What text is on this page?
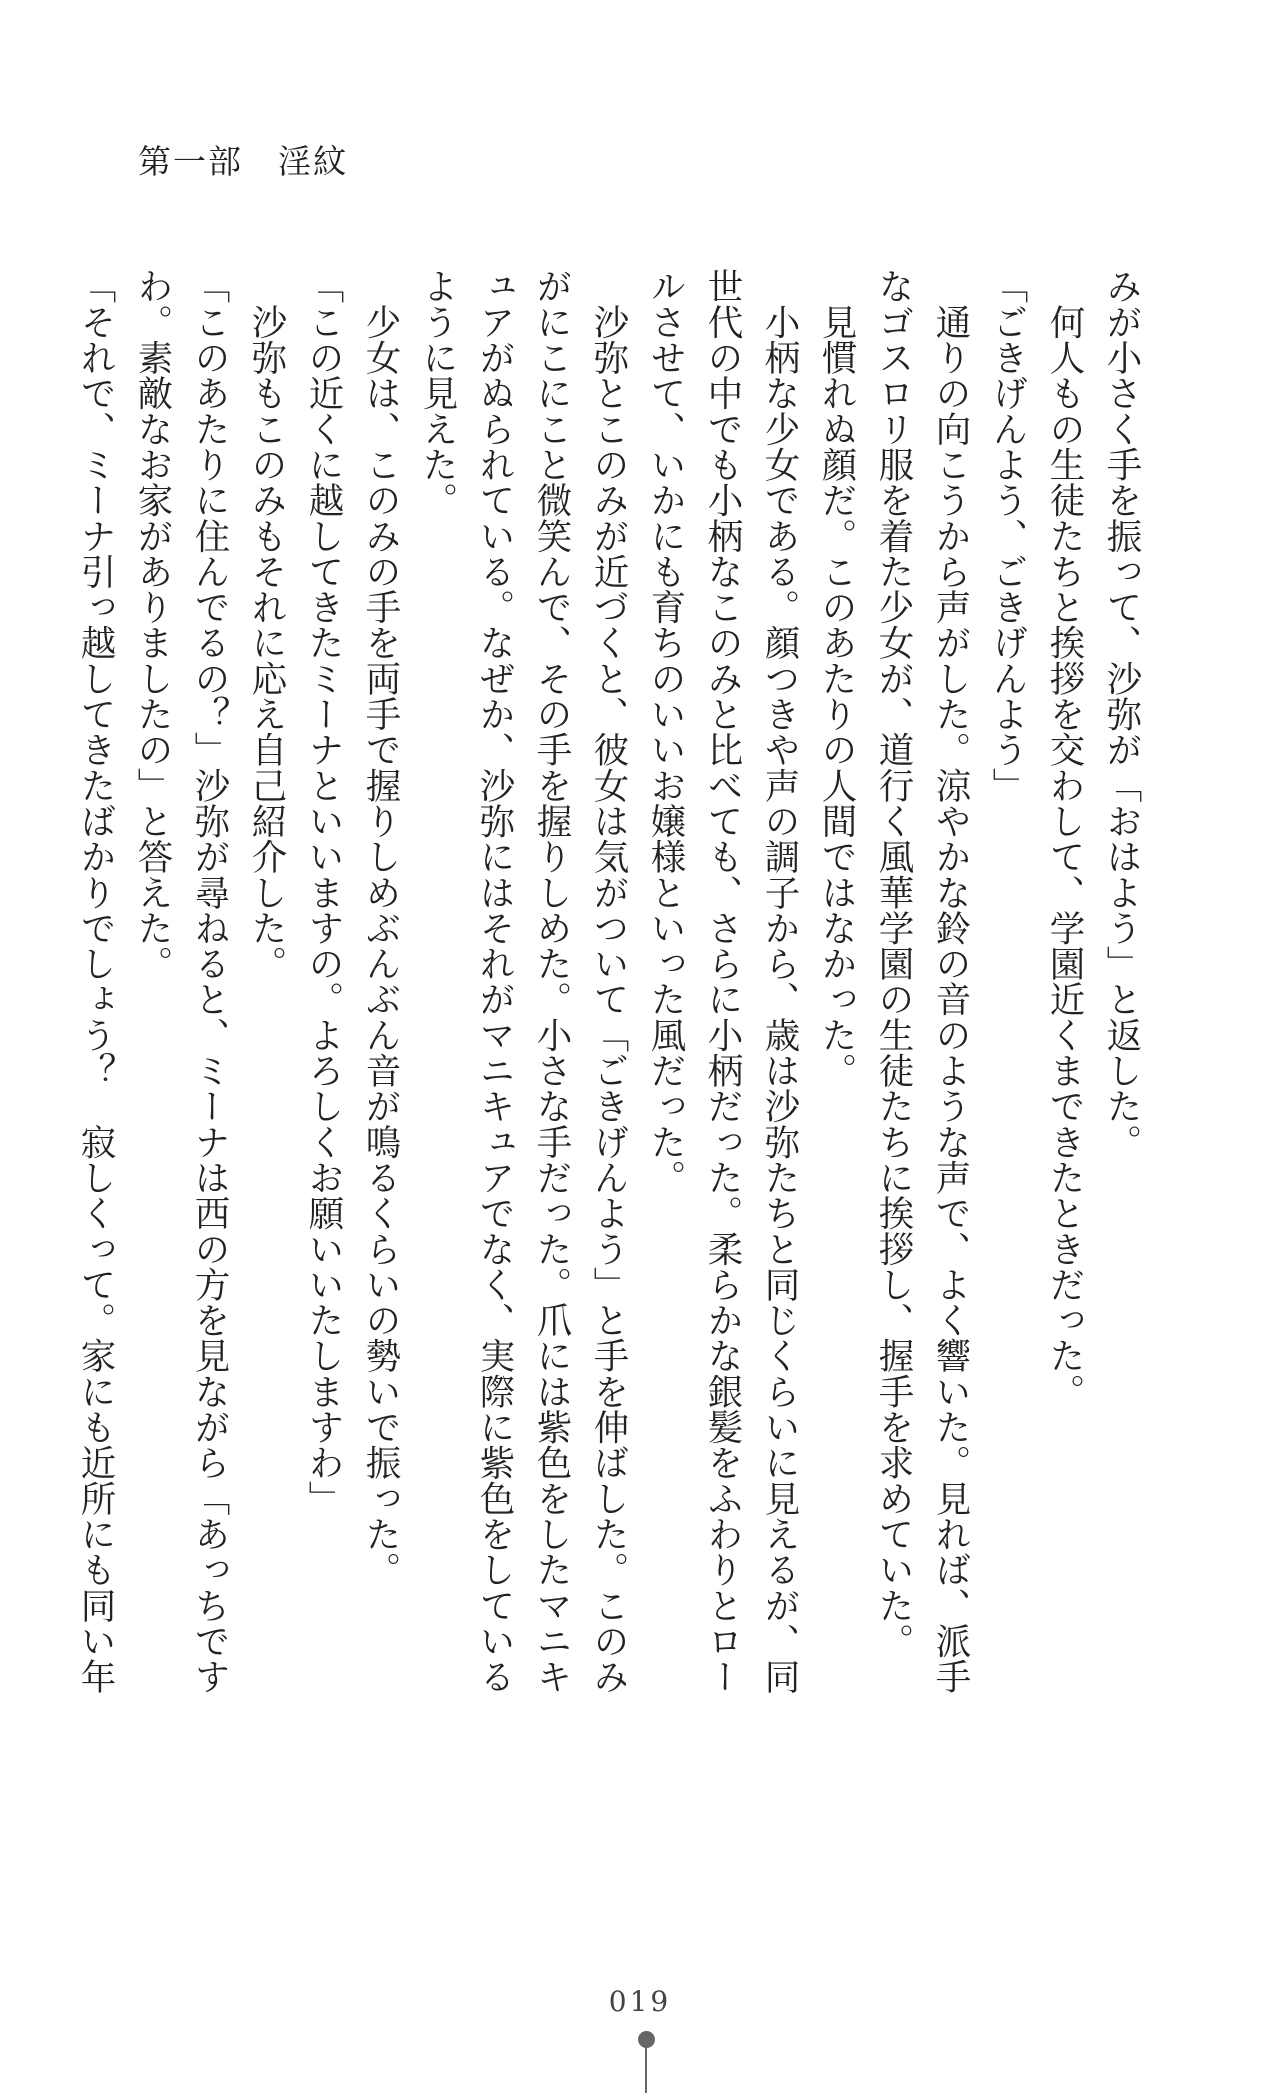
第一部　淫紋
みが小さく手を振って、沙弥が「おはよう」と返した。
　何人もの生徒たちと挨拶を交わして、学園近くまできたときだった。
「ごきげんよう、ごきげんよう」
　通りの向こうから声がした。涼やかな鈴の音のような声で、よく響いた。見れば、派手
なゴスロリ服を着た少女が、道行く風華学園の生徒たちに挨拶し、握手を求めていた。
　見慣れぬ顔だ。このあたりの人間ではなかった。
　小柄な少女である。顔つきや声の調子から、歳は沙弥たちと同じくらいに見えるが、同
世代の中でも小柄なこのみと比べても、さらに小柄だった。柔らかな銀髪をふわりとロー
ルさせて、いかにも育ちのいいお嬢様といった風だった。
　沙弥とこのみが近づくと、彼女は気がついて「ごきげんよう」と手を伸ばした。このみ
がにこにこと微笑んで、その手を握りしめた。小さな手だった。爪には紫色をしたマニキ
ュアがぬられている。なぜか、沙弥にはそれがマニキュアでなく、実際に紫色をしている
ように見えた。
　少女は、このみの手を両手で握りしめぶんぶん音が鳴るくらいの勢いで振った。
「この近くに越してきたミーナといいますの。よろしくお願いいたしますわ」
　沙弥もこのみもそれに応え自己紹介した。
「このあたりに住んでるの？」沙弥が尋ねると、ミーナは西の方を見ながら「あっちです
わ。素敵なお家がありましたの」と答えた。
「それで、ミーナ引っ越してきたばかりでしょう？　寂しくって。家にも近所にも同い年
019
